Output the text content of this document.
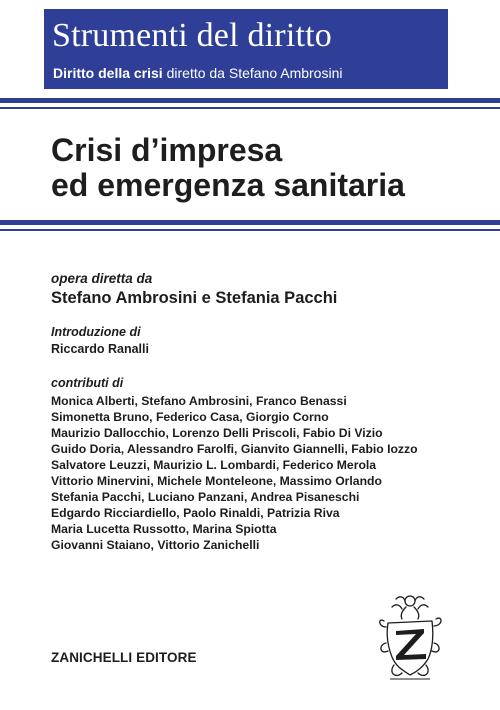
Strumenti del diritto
Diritto della crisi diretto da Stefano Ambrosini
Crisi d’impresa
ed emergenza sanitaria
opera diretta da
Stefano Ambrosini e Stefania Pacchi
Introduzione di
Riccardo Ranalli
contributi di
Monica Alberti, Stefano Ambrosini, Franco Benassi
Simonetta Bruno, Federico Casa, Giorgio Corno
Maurizio Dallocchio, Lorenzo Delli Priscoli, Fabio Di Vizio
Guido Doria, Alessandro Farolfi, Gianvito Giannelli, Fabio Iozzo
Salvatore Leuzzi, Maurizio L. Lombardi, Federico Merola
Vittorio Minervini, Michele Monteleone, Massimo Orlando
Stefania Pacchi, Luciano Panzani, Andrea Pisaneschi
Edgardo Ricciardiello, Paolo Rinaldi, Patrizia Riva
Maria Lucetta Russotto, Marina Spiotta
Giovanni Staiano, Vittorio Zanichelli
ZANICHELLI EDITORE
